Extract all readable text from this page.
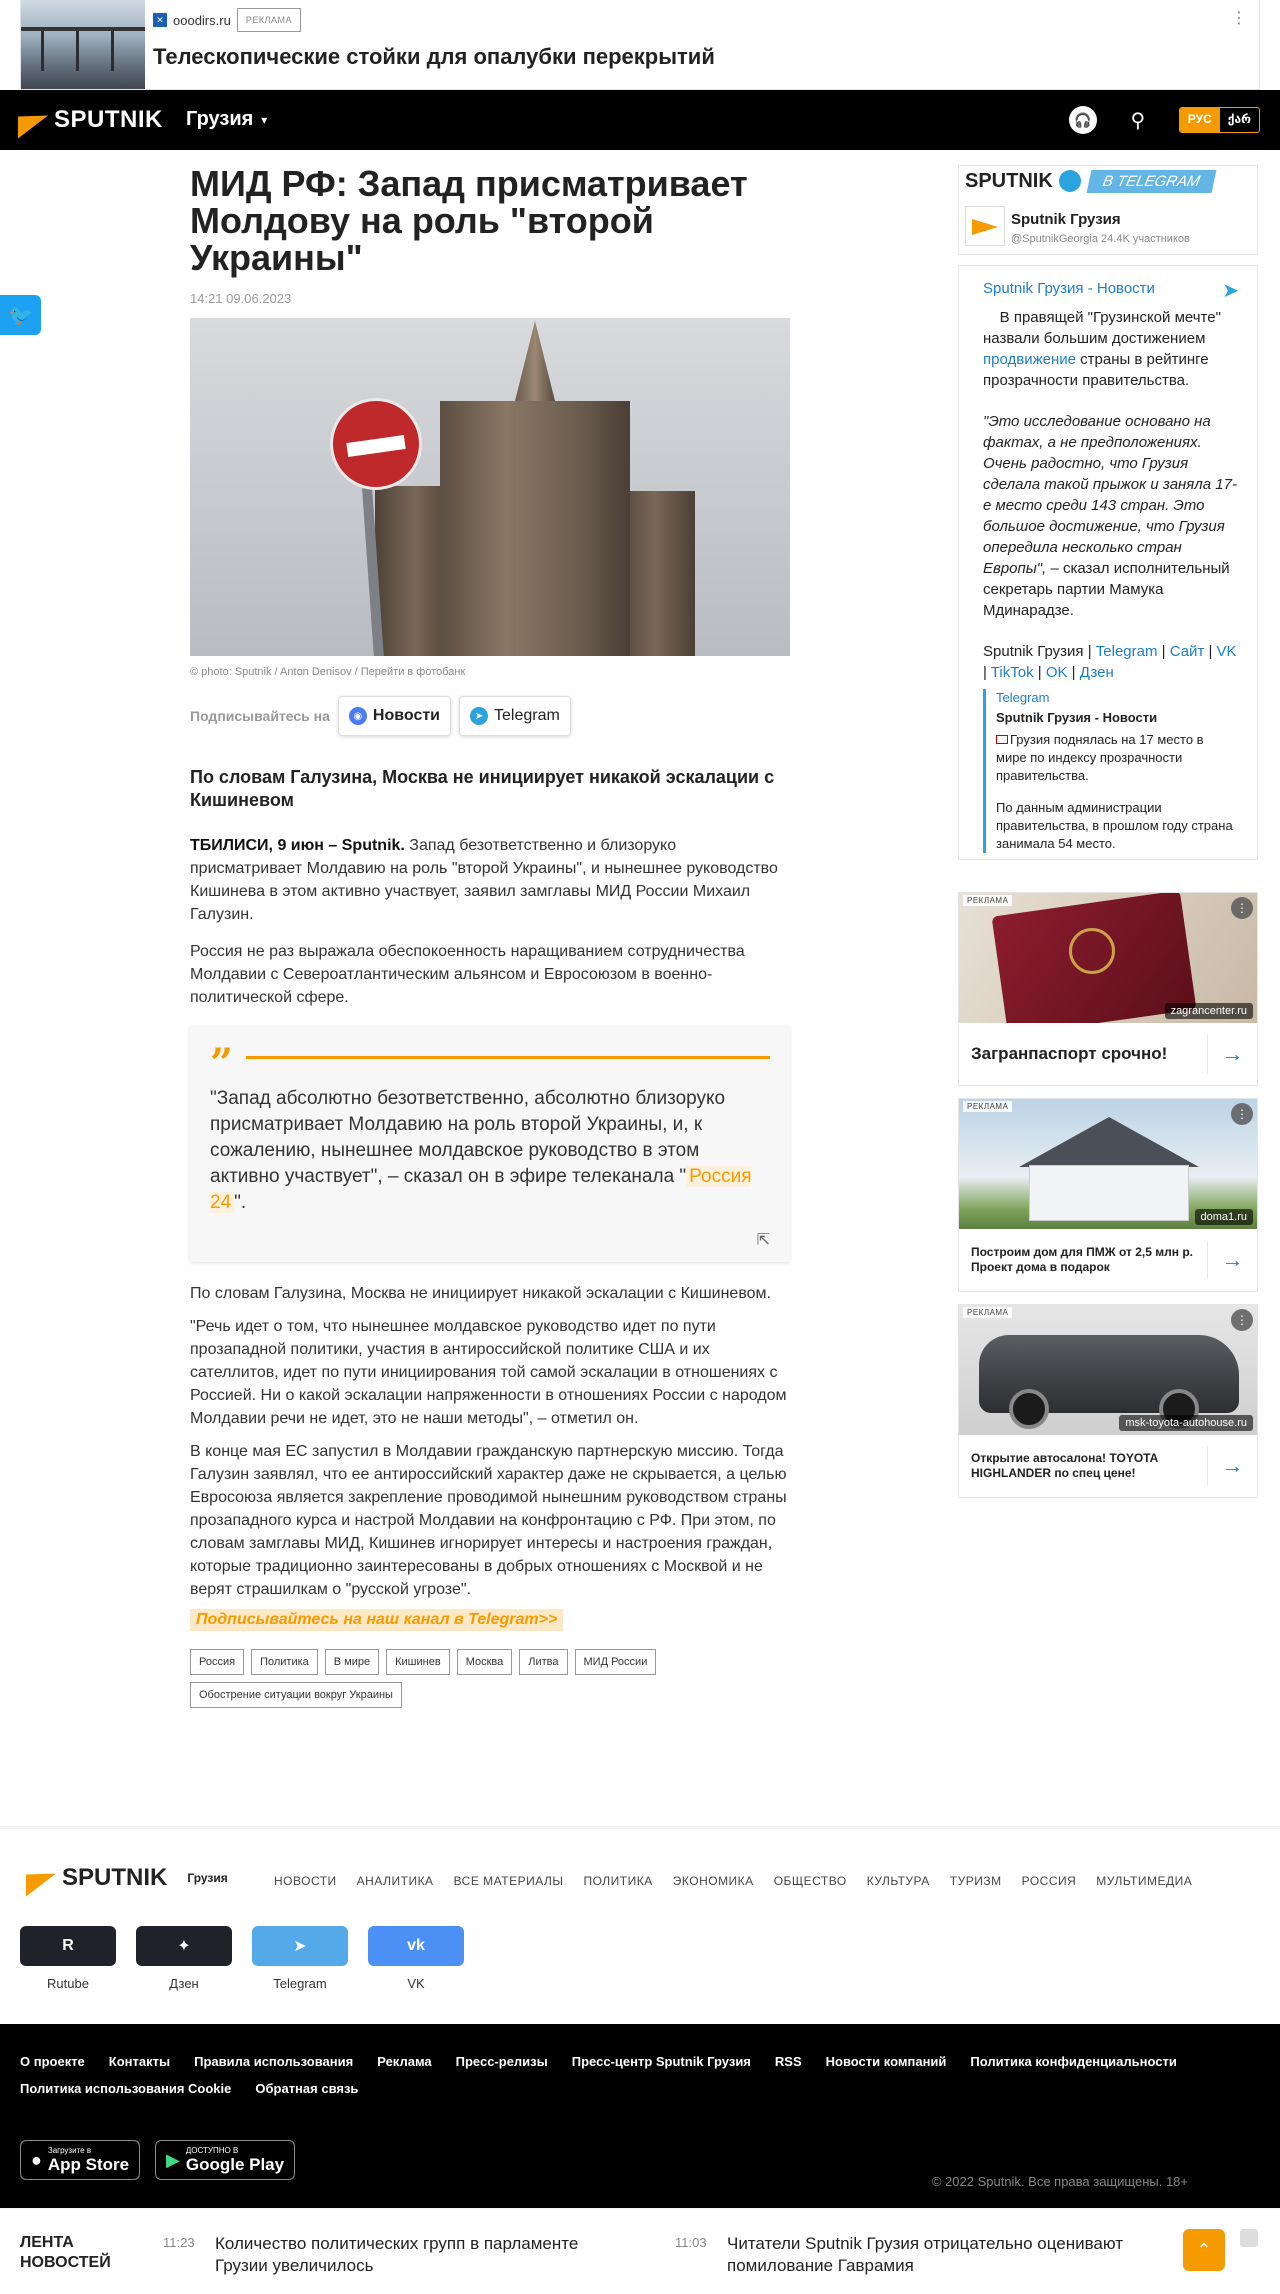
✕ ooodirs.ru	РЕКЛАМА
Телескопические стойки для опалубки перекрытий
⋮
SPUTNIK Грузия ▾	🎧	⚲	РУС	ქარ
🐦
МИД РФ: Запад присматривает Молдову на роль "второй Украины"
14:21 09.06.2023
© photo: Sputnik / Anton Denisov / Перейти в фотобанк
Подписывайтесь на	◉ Новости	➤ Telegram
По словам Галузина, Москва не инициирует никакой эскалации с Кишиневом
ТБИЛИСИ, 9 июн – Sputnik. Запад безответственно и близоруко присматривает Молдавию на роль "второй Украины", и нынешнее руководство Кишинева в этом активно участвует, заявил замглавы МИД России Михаил Галузин.
Россия не раз выражала обеспокоенность наращиванием сотрудничества Молдавии с Североатлантическим альянсом и Евросоюзом в военно-политической сфере.
”
"Запад абсолютно безответственно, абсолютно близоруко присматривает Молдавию на роль второй Украины, и, к сожалению, нынешнее молдавское руководство в этом активно участвует", – сказал он в эфире телеканала " Россия 24 ".
⇱
По словам Галузина, Москва не инициирует никакой эскалации с Кишиневом.
"Речь идет о том, что нынешнее молдавское руководство идет по пути прозападной политики, участия в антироссийской политике США и их сателлитов, идет по пути инициирования той самой эскалации в отношениях с Россией. Ни о какой эскалации напряженности в отношениях России с народом Молдавии речи не идет, это не наши методы", – отметил он.
В конце мая ЕС запустил в Молдавии гражданскую партнерскую миссию. Тогда Галузин заявлял, что ее антироссийский характер даже не скрывается, а целью Евросоюза является закрепление проводимой нынешним руководством страны прозападного курса и настрой Молдавии на конфронтацию с РФ. При этом, по словам замглавы МИД, Кишинев игнорирует интересы и настроения граждан, которые традиционно заинтересованы в добрых отношениях с Москвой и не верят страшилкам о "русской угрозе".
Подписывайтесь на наш канал в Telegram>>
Россия	Политика	В мире	Кишинев	Москва	Литва	МИД России
Обострение ситуации вокруг Украины
SPUTNIK	В TELEGRAM
Sputnik Грузия
@SputnikGeorgia 24.4K участников
Sputnik Грузия - Новости	➤
В правящей "Грузинской мечте" назвали большим достижением продвижение страны в рейтинге прозрачности правительства.
"Это исследование основано на фактах, а не предположениях. Очень радостно, что Грузия сделала такой прыжок и заняла 17-е место среди 143 стран. Это большое достижение, что Грузия опередила несколько стран Европы", – сказал исполнительный секретарь партии Мамука Мдинарадзе.
Sputnik Грузия | Telegram | Сайт | VK | TikTok | OK | Дзен
Telegram
Sputnik Грузия - Новости
Грузия поднялась на 17 место в мире по индексу прозрачности правительства.
По данным администрации правительства, в прошлом году страна занимала 54 место.
РЕКЛАМА
⋮
zagrancenter.ru
Загранпаспорт срочно!	→
РЕКЛАМА
⋮
doma1.ru
Построим дом для ПМЖ от 2,5 млн р. Проект дома в подарок	→
РЕКЛАМА
⋮
msk-toyota-autohouse.ru
Открытие автосалона! TOYOTA HIGHLANDER по спец цене!	→
SPUTNIK Грузия	НОВОСТИ АНАЛИТИКА ВСЕ МАТЕРИАЛЫ ПОЛИТИКА ЭКОНОМИКА ОБЩЕСТВО КУЛЬТУРА ТУРИЗМ РОССИЯ МУЛЬТИМЕДИА
R
Rutube
✦
Дзен
➤
Telegram
vk
VK
О проекте Контакты Правила использования Реклама Пресс-релизы Пресс-центр Sputnik Грузия RSS Новости компаний Политика конфиденциальности
Политика использования Cookie Обратная связь
● Загрузите в
App Store ▶ ДОСТУПНО В
Google Play
© 2022 Sputnik. Все права защищены. 18+
ЛЕНТА НОВОСТЕЙ
11:23 Количество политических групп в парламенте Грузии увеличилось
11:03 Читатели Sputnik Грузия отрицательно оценивают помилование Гаврамия
⌃
